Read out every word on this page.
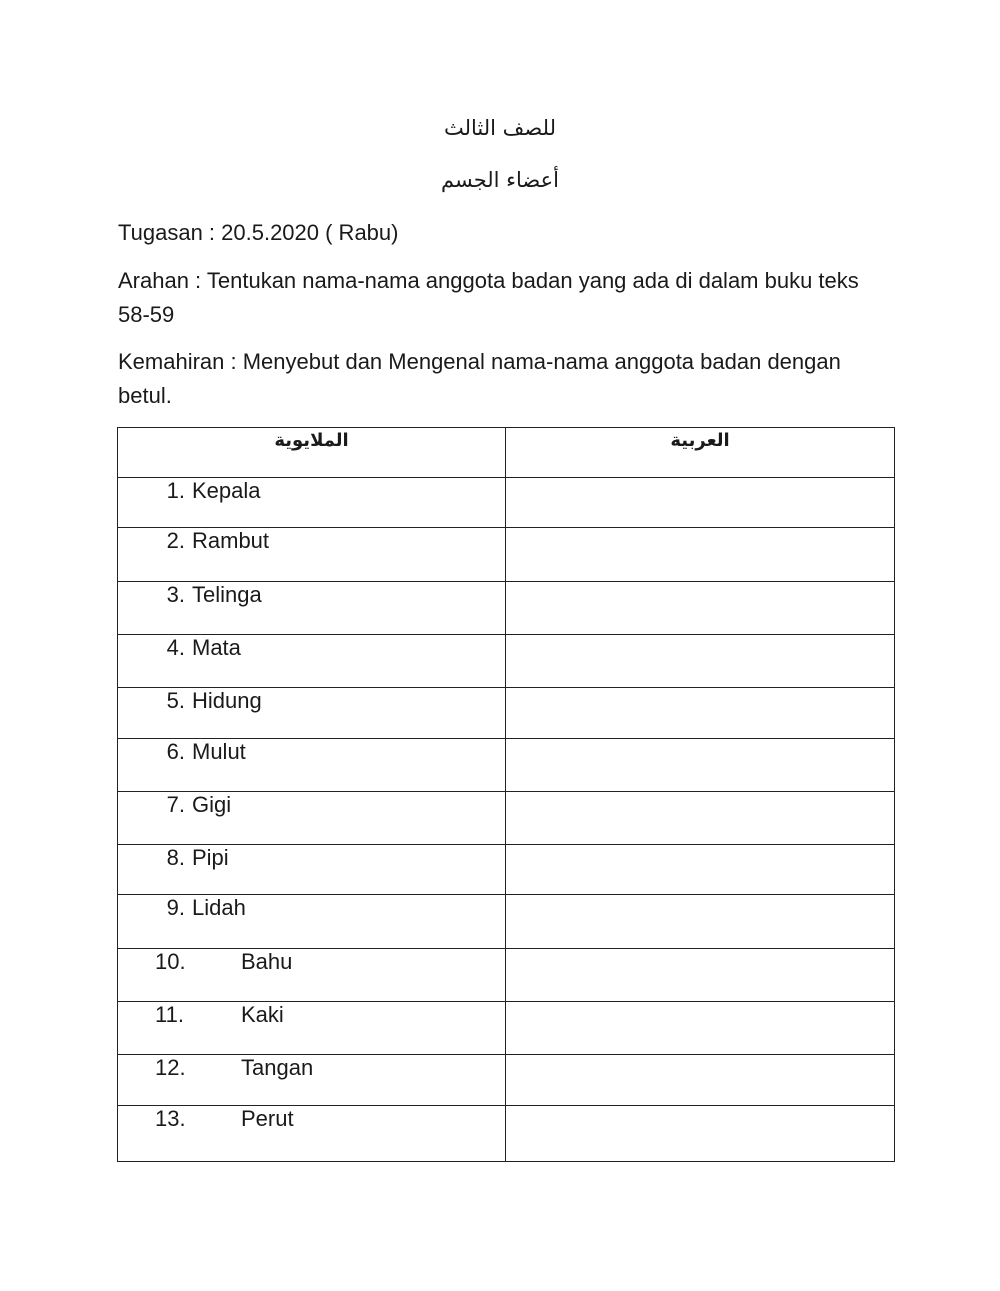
للصف الثالث
أعضاء الجسم

Tugasan : 20.5.2020 ( Rabu)

Arahan : Tentukan nama-nama anggota badan yang ada di dalam buku teks 58-59

Kemahiran : Menyebut dan Mengenal nama-nama anggota badan dengan betul.

الملايوية	العربية
1. Kepala	
2. Rambut	
3. Telinga	
4. Mata	
5. Hidung	
6. Mulut	
7. Gigi	
8. Pipi	
9. Lidah	
10. Bahu	
11. Kaki	
12. Tangan	
13. Perut	
